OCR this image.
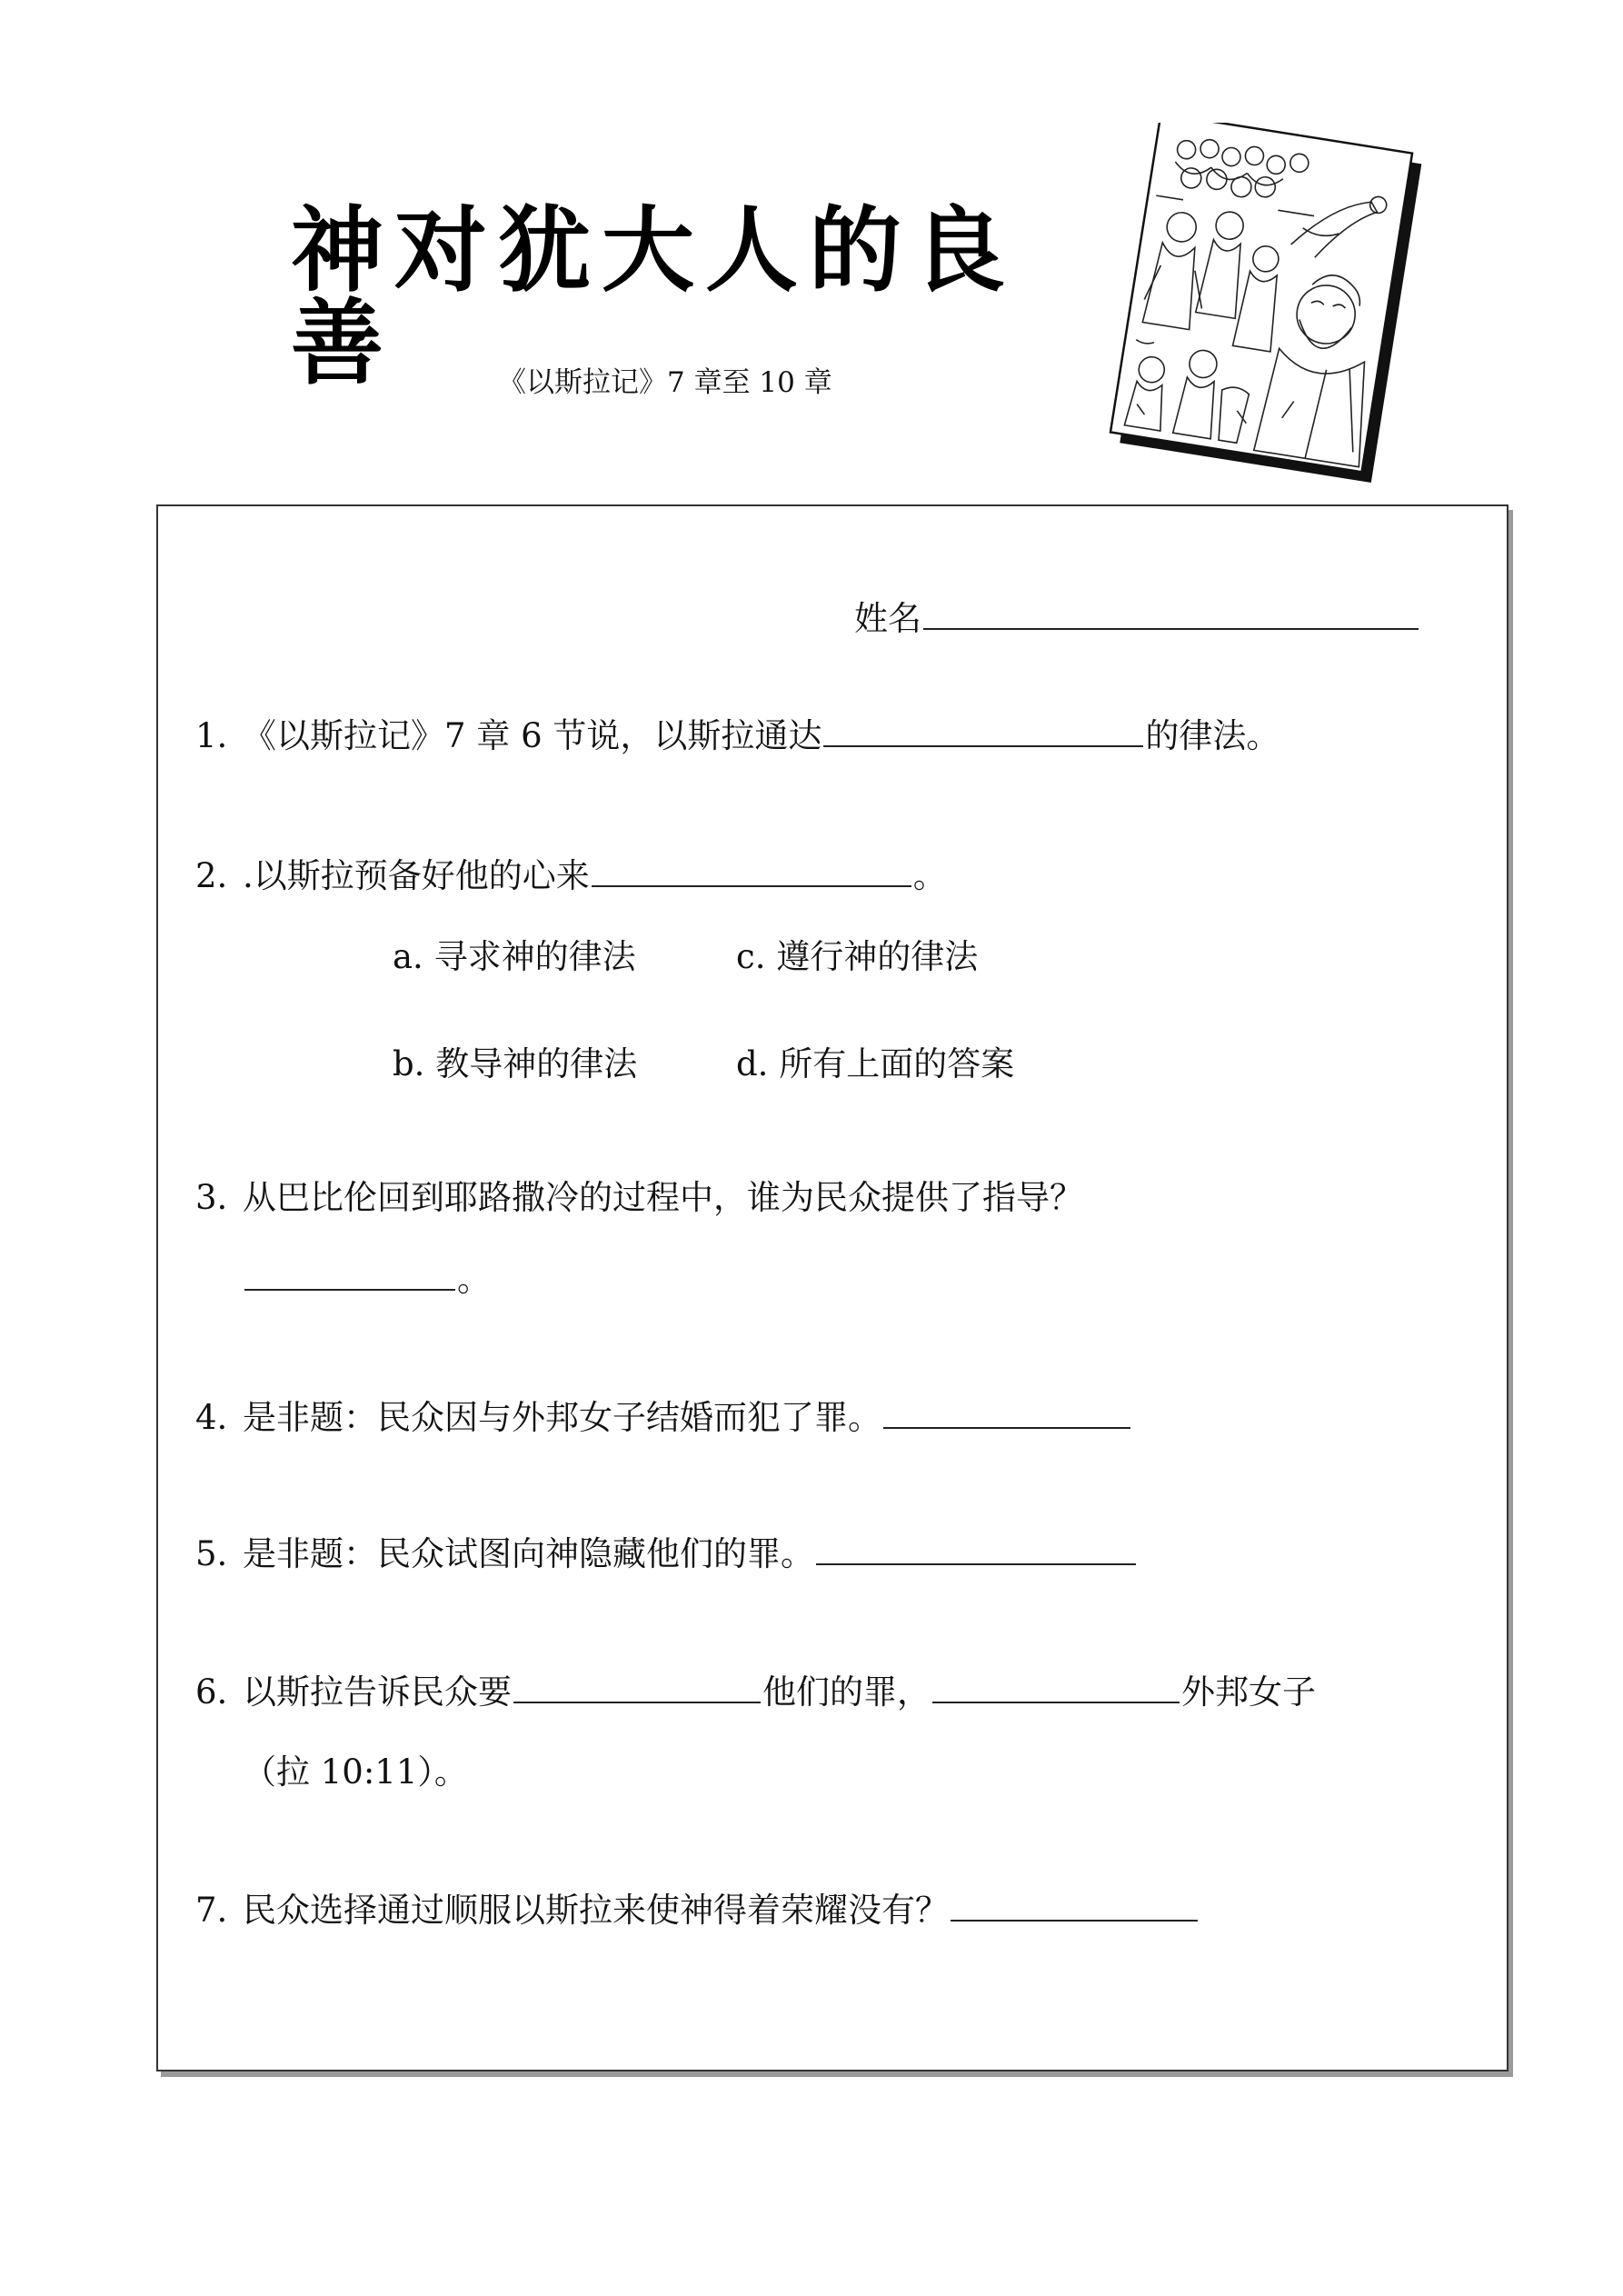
神对犹大人的良善	《以斯拉记》7 章至 10 章
姓名
1. 《以斯拉记》7 章 6 节说，以斯拉通达	的律法。
2. .以斯拉预备好他的心来	。
a. 寻求神的律法	c. 遵行神的律法
b. 教导神的律法	d. 所有上面的答案
3. 从巴比伦回到耶路撒冷的过程中，谁为民众提供了指导？
。
4. 是非题：民众因与外邦女子结婚而犯了罪。
5. 是非题：民众试图向神隐藏他们的罪。
6. 以斯拉告诉民众要	他们的罪，	外邦女子
（拉 10:11）。
7. 民众选择通过顺服以斯拉来使神得着荣耀没有？
